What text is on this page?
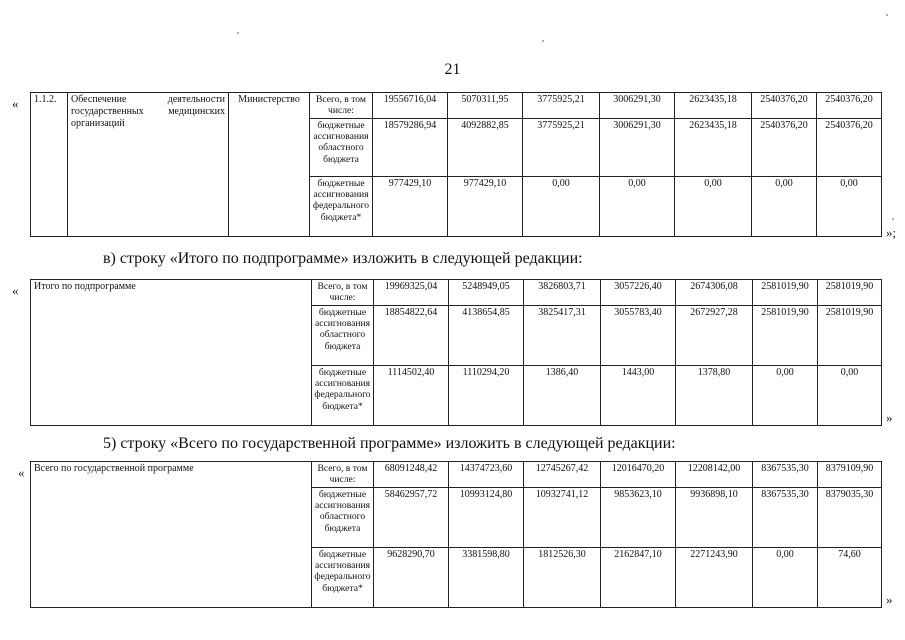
21
« 1.1.2.	Обеспечение деятельности государственных медицинских организаций	Министерство	Всего, в том числе:	19556716,04	5070311,95	3775925,21	3006291,30	2623435,18	2540376,20	2540376,20
			бюджетные ассигнования областного бюджета	18579286,94	4092882,85	3775925,21	3006291,30	2623435,18	2540376,20	2540376,20
			бюджетные ассигнования федерального бюджета*	977429,10	977429,10	0,00	0,00	0,00	0,00	0,00
»;
в) строку «Итого по подпрограмме» изложить в следующей редакции:
« Итого по подпрограмме	Всего, в том числе:	19969325,04	5248949,05	3826803,71	3057226,40	2674306,08	2581019,90	2581019,90
	бюджетные ассигнования областного бюджета	18854822,64	4138654,85	3825417,31	3055783,40	2672927,28	2581019,90	2581019,90
	бюджетные ассигнования федерального бюджета*	1114502,40	1110294,20	1386,40	1443,00	1378,80	0,00	0,00
»
5) строку «Всего по государственной программе» изложить в следующей редакции:
« Всего по государственной программе	Всего, в том числе:	68091248,42	14374723,60	12745267,42	12016470,20	12208142,00	8367535,30	8379109,90
	бюджетные ассигнования областного бюджета	58462957,72	10993124,80	10932741,12	9853623,10	9936898,10	8367535,30	8379035,30
	бюджетные ассигнования федерального бюджета*	9628290,70	3381598,80	1812526,30	2162847,10	2271243,90	0,00	74,60
»
